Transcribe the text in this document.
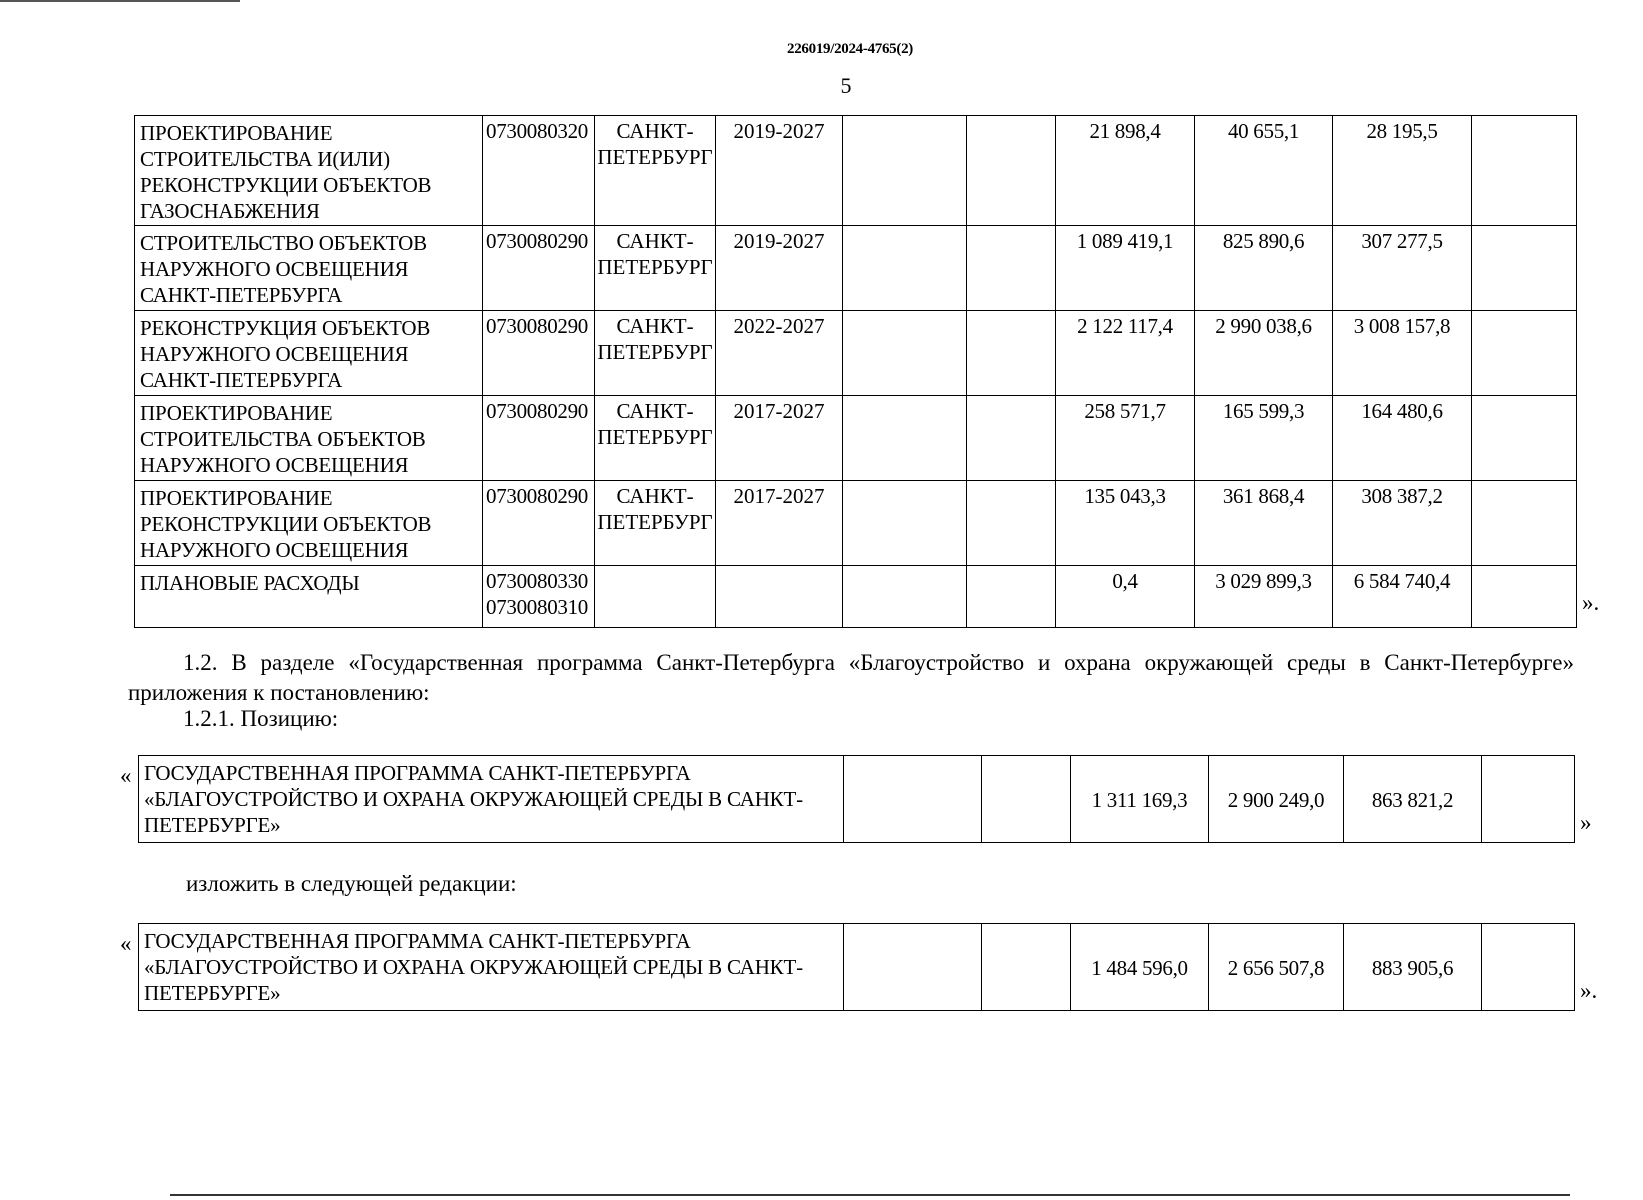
226019/2024-4765(2)
5
ПРОЕКТИРОВАНИЕ СТРОИТЕЛЬСТВА И(ИЛИ) РЕКОНСТРУКЦИИ ОБЪЕКТОВ ГАЗОСНАБЖЕНИЯ	0730080320	САНКТ-ПЕТЕРБУРГ	2019-2027			21 898,4	40 655,1	28 195,5	
СТРОИТЕЛЬСТВО ОБЪЕКТОВ НАРУЖНОГО ОСВЕЩЕНИЯ САНКТ-ПЕТЕРБУРГА	0730080290	САНКТ-ПЕТЕРБУРГ	2019-2027			1 089 419,1	825 890,6	307 277,5	
РЕКОНСТРУКЦИЯ ОБЪЕКТОВ НАРУЖНОГО ОСВЕЩЕНИЯ САНКТ-ПЕТЕРБУРГА	0730080290	САНКТ-ПЕТЕРБУРГ	2022-2027			2 122 117,4	2 990 038,6	3 008 157,8	
ПРОЕКТИРОВАНИЕ СТРОИТЕЛЬСТВА ОБЪЕКТОВ НАРУЖНОГО ОСВЕЩЕНИЯ	0730080290	САНКТ-ПЕТЕРБУРГ	2017-2027			258 571,7	165 599,3	164 480,6	
ПРОЕКТИРОВАНИЕ РЕКОНСТРУКЦИИ ОБЪЕКТОВ НАРУЖНОГО ОСВЕЩЕНИЯ	0730080290	САНКТ-ПЕТЕРБУРГ	2017-2027			135 043,3	361 868,4	308 387,2	
ПЛАНОВЫЕ РАСХОДЫ	0730080330 0730080310					0,4	3 029 899,3	6 584 740,4	
».
1.2. В разделе «Государственная программа Санкт-Петербурга «Благоустройство и охрана окружающей среды в Санкт-Петербурге» приложения к постановлению:
1.2.1. Позицию:
« ГОСУДАРСТВЕННАЯ ПРОГРАММА САНКТ-ПЕТЕРБУРГА «БЛАГОУСТРОЙСТВО И ОХРАНА ОКРУЖАЮЩЕЙ СРЕДЫ В САНКТ-ПЕТЕРБУРГЕ»			1 311 169,3	2 900 249,0	863 821,2	
»
изложить в следующей редакции:
« ГОСУДАРСТВЕННАЯ ПРОГРАММА САНКТ-ПЕТЕРБУРГА «БЛАГОУСТРОЙСТВО И ОХРАНА ОКРУЖАЮЩЕЙ СРЕДЫ В САНКТ-ПЕТЕРБУРГЕ»			1 484 596,0	2 656 507,8	883 905,6	
».
